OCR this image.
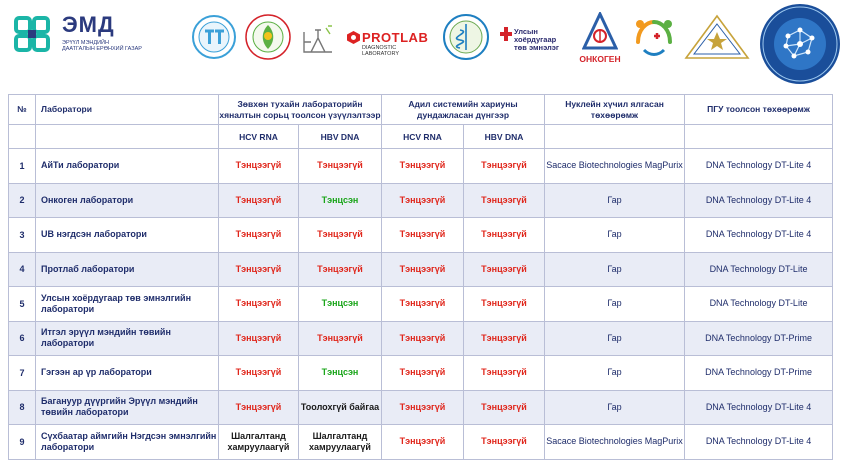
ЭМД
ЭРҮҮЛ МЭНДИЙН ДААТГАЛЫН ЕРӨНХИЙ ГАЗАР
PROTLAB
DIAGNOSTIC LABORATORY
Улсын хоёрдугаар төв эмнэлэг
ОНКОГЕН
№	Лаборатори	Зөвхөн тухайн лабораторийн хяналтын сорьц тоолсон үзүүлэлтээр		Адил системийн хариуны дундажласан дүнгээр		Нуклейн хүчил ялгасан төхөөрөмж	ПГУ тоолсон төхөөрөмж
		HCV RNA	HBV DNA	HCV RNA	HBV DNA		
1	АйТи лаборатори	Тэнцээгүй	Тэнцээгүй	Тэнцээгүй	Тэнцээгүй	Sacace Biotechnologies MagPurix	DNA Technology DT-Lite 4
2	Онкоген лаборатори	Тэнцээгүй	Тэнцсэн	Тэнцээгүй	Тэнцээгүй	Гар	DNA Technology DT-Lite 4
3	UB нэгдсэн лаборатори	Тэнцээгүй	Тэнцээгүй	Тэнцээгүй	Тэнцээгүй	Гар	DNA Technology DT-Lite 4
4	Протлаб лаборатори	Тэнцээгүй	Тэнцээгүй	Тэнцээгүй	Тэнцээгүй	Гар	DNA Technology DT-Lite
5	Улсын хоёрдугаар төв эмнэлгийн лаборатори	Тэнцээгүй	Тэнцсэн	Тэнцээгүй	Тэнцээгүй	Гар	DNA Technology DT-Lite
6	Итгэл эрүүл мэндийн төвийн лаборатори	Тэнцээгүй	Тэнцээгүй	Тэнцээгүй	Тэнцээгүй	Гар	DNA Technology DT-Prime
7	Гэгээн ар үр лаборатори	Тэнцээгүй	Тэнцсэн	Тэнцээгүй	Тэнцээгүй	Гар	DNA Technology DT-Prime
8	Багануур дүүргийн Эрүүл мэндийн төвийн лаборатори	Тэнцээгүй	Тоолохгүй байгаа	Тэнцээгүй	Тэнцээгүй	Гар	DNA Technology DT-Lite 4
9	Сүхбаатар аймгийн Нэгдсэн эмнэлгийн лаборатори	Шалгалтанд хамруулаагүй	Шалгалтанд хамруулаагүй	Тэнцээгүй	Тэнцээгүй	Sacace Biotechnologies MagPurix	DNA Technology DT-Lite 4
